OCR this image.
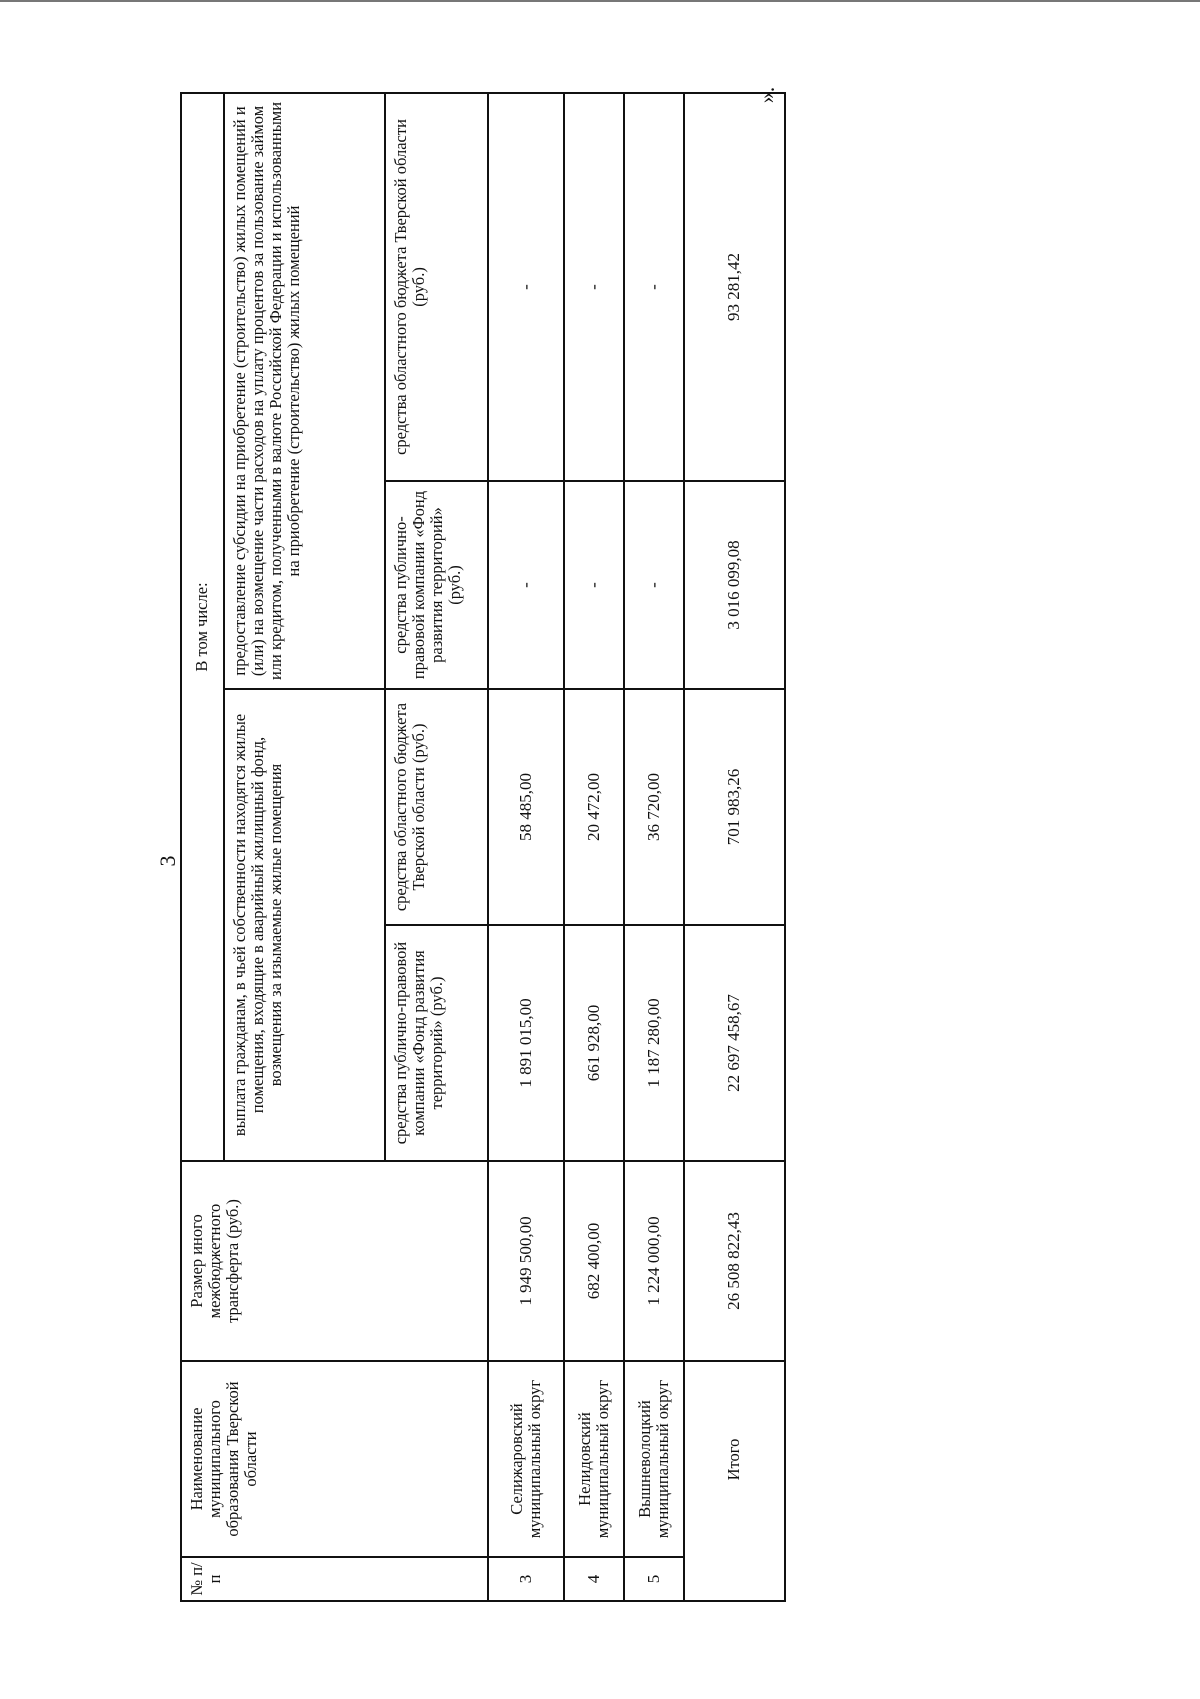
3
».
№ п/п	Наименование муниципального образования Тверской области	Размер иного межбюджетного трансферта (руб.)	В том числе:			
			выплата гражданам, в чьей собственности находятся жилые помещения, входящие в аварийный жилищный фонд, возмещения за изымаемые жилые помещения		предоставление субсидии на приобретение (строительство) жилых помещений и (или) на возмещение части расходов на уплату процентов за пользование займом или кредитом, полученными в валюте Российской Федерации и использованными на приобретение (строительство) жилых помещений	
			средства публично-правовой компании «Фонд развития территорий» (руб.)	средства областного бюджета Тверской области (руб.)	средства публично-правовой компании «Фонд развития территорий» (руб.)	средства областного бюджета Тверской области (руб.)
3	Селижаровский муниципальный округ	1 949 500,00	1 891 015,00	58 485,00	-	-
4	Нелидовский муниципальный округ	682 400,00	661 928,00	20 472,00	-	-
5	Вышневолоцкий муниципальный округ	1 224 000,00	1 187 280,00	36 720,00	-	-
	Итого	26 508 822,43	22 697 458,67	701 983,26	3 016 099,08	93 281,42
